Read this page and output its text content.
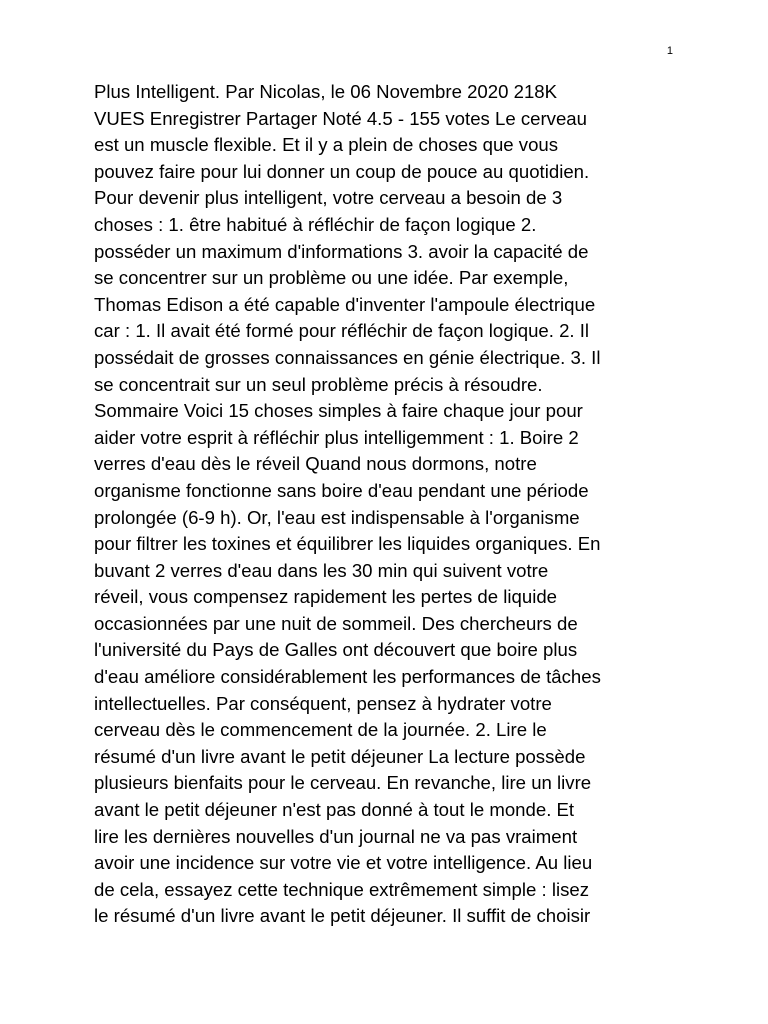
1
Plus Intelligent. Par Nicolas, le 06 Novembre 2020 218K
VUES Enregistrer Partager Noté 4.5 - 155 votes Le cerveau
est un muscle flexible. Et il y a plein de choses que vous
pouvez faire pour lui donner un coup de pouce au quotidien.
Pour devenir plus intelligent, votre cerveau a besoin de 3
choses : 1. être habitué à réfléchir de façon logique 2.
posséder un maximum d'informations 3. avoir la capacité de
se concentrer sur un problème ou une idée. Par exemple,
Thomas Edison a été capable d'inventer l'ampoule électrique
car : 1. Il avait été formé pour réfléchir de façon logique. 2. Il
possédait de grosses connaissances en génie électrique. 3. Il
se concentrait sur un seul problème précis à résoudre.
Sommaire Voici 15 choses simples à faire chaque jour pour
aider votre esprit à réfléchir plus intelligemment : 1. Boire 2
verres d'eau dès le réveil Quand nous dormons, notre
organisme fonctionne sans boire d'eau pendant une période
prolongée (6-9 h). Or, l'eau est indispensable à l'organisme
pour filtrer les toxines et équilibrer les liquides organiques. En
buvant 2 verres d'eau dans les 30 min qui suivent votre
réveil, vous compensez rapidement les pertes de liquide
occasionnées par une nuit de sommeil. Des chercheurs de
l'université du Pays de Galles ont découvert que boire plus
d'eau améliore considérablement les performances de tâches
intellectuelles. Par conséquent, pensez à hydrater votre
cerveau dès le commencement de la journée. 2. Lire le
résumé d'un livre avant le petit déjeuner La lecture possède
plusieurs bienfaits pour le cerveau. En revanche, lire un livre
avant le petit déjeuner n'est pas donné à tout le monde. Et
lire les dernières nouvelles d'un journal ne va pas vraiment
avoir une incidence sur votre vie et votre intelligence. Au lieu
de cela, essayez cette technique extrêmement simple : lisez
le résumé d'un livre avant le petit déjeuner. Il suffit de choisir
